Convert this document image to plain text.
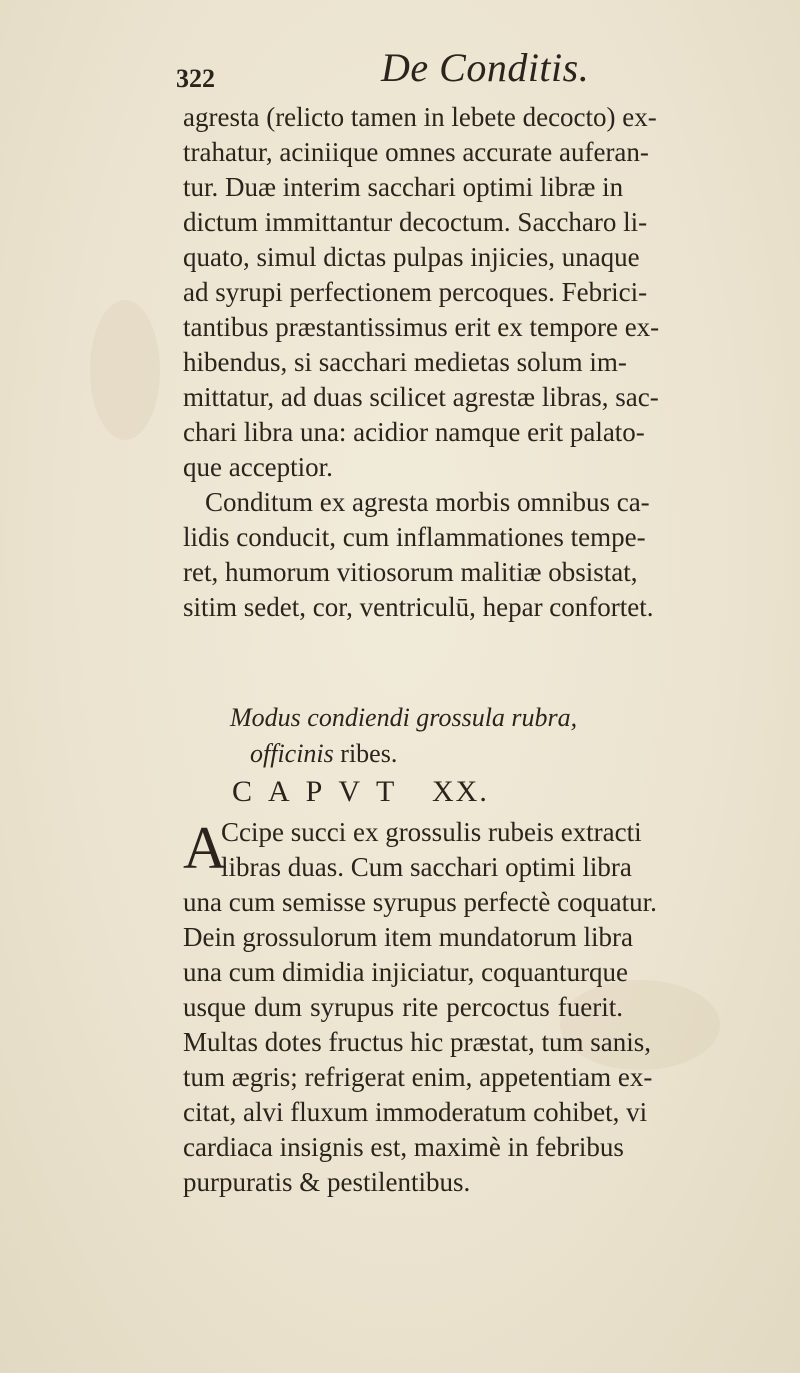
322	De Conditis.
agresta (relicto tamen in lebete decocto) ex-
trahatur, aciniique omnes accurate auferan-
tur. Duæ interim sacchari optimi libræ in
dictum immittantur decoctum. Saccharo li-
quato, simul dictas pulpas injicies, unaque
ad syrupi perfectionem percoques. Febrici-
tantibus præstantissimus erit ex tempore ex-
hibendus, si sacchari medietas solum im-
mittatur, ad duas scilicet agrestæ libras, sac-
chari libra una: acidior namque erit palato-
que acceptior.
Conditum ex agresta morbis omnibus ca-
lidis conducit, cum inflammationes tempe-
ret, humorum vitiosorum malitiæ obsistat,
sitim sedet, cor, ventriculū, hepar confortet.
Modus condiendi grossula rubra,
officinis ribes.
CAPVT XX.
A
Ccipe succi ex grossulis rubeis extracti
libras duas. Cum sacchari optimi libra
una cum semisse syrupus perfectè coquatur.
Dein grossulorum item mundatorum libra
una cum dimidia injiciatur, coquanturque
usque dum syrupus rite percoctus fuerit.
Multas dotes fructus hic præstat, tum sanis,
tum ægris; refrigerat enim, appetentiam ex-
citat, alvi fluxum immoderatum cohibet, vi
cardiaca insignis est, maximè in febribus
purpuratis & pestilentibus.
